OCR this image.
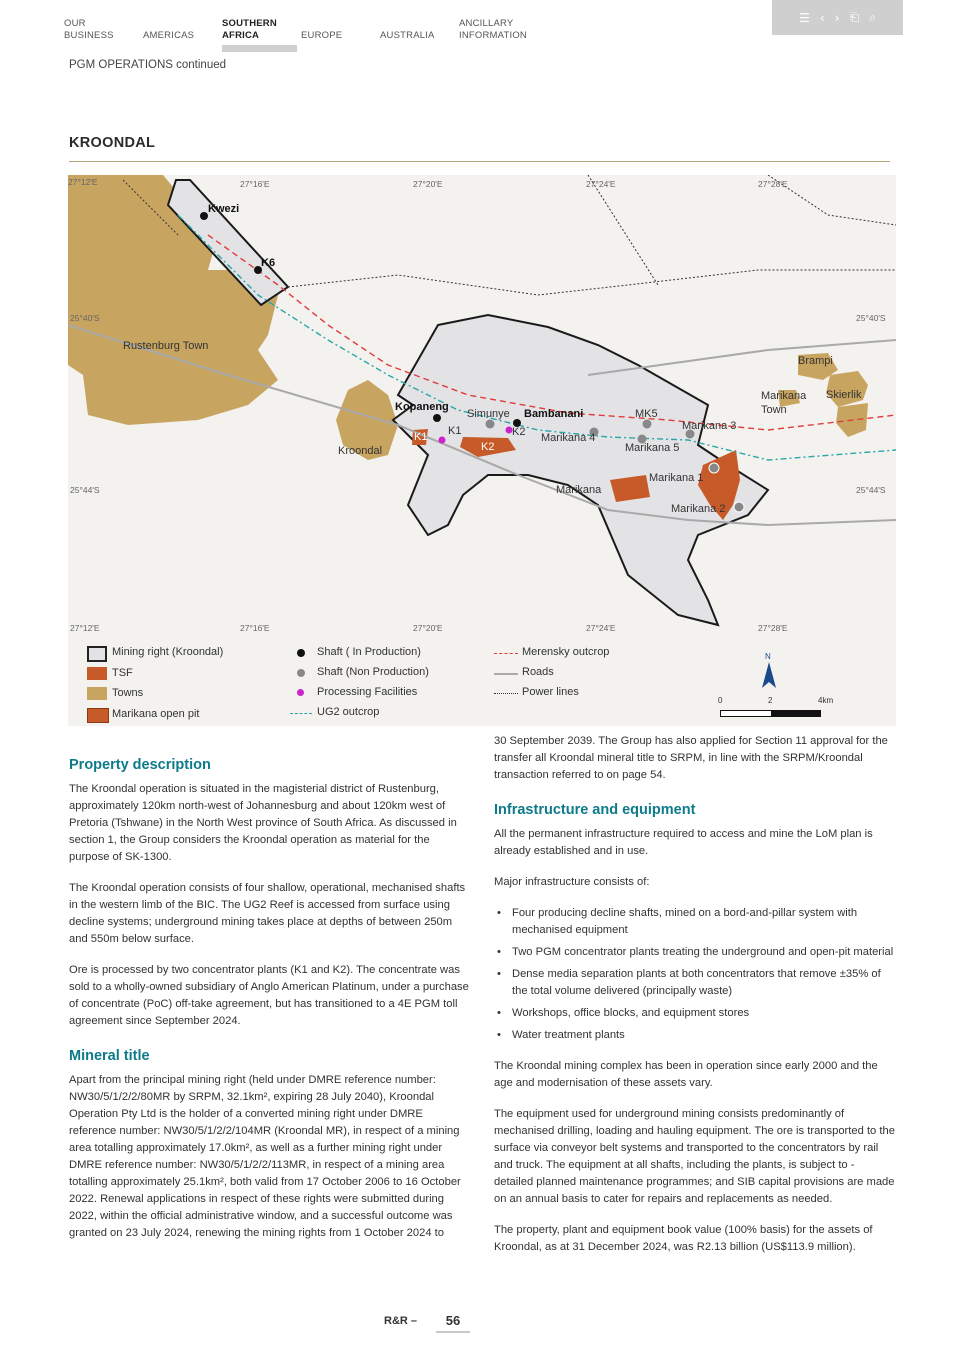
OUR
BUSINESS
	AMERICAS
SOUTHERN
AFRICA
	EUROPE
	AUSTRALIA
ANCILLARY
INFORMATION
☰ ‹ › ⎗ ⌕
PGM OPERATIONS continued
KROONDAL
27°12'E	27°16'E	27°20'E	27°24'E	27°28'E
25°40'S
25°44'S
25°40'S
25°44'S
27°12'E	27°16'E	27°20'E	27°24'E	27°28'E
Kwezi
K6
Rustenburg Town
Kopaneng
Simunye Bambanani
K1 K1	K2
K2
Kroondal
Marikana 4
MK5
Marikana 3
Marikana 5
Marikana Town
Skierlik
Brampi
Marikana 1
Marikana
Marikana 2
Mining right (Kroondal)
TSF
Towns
Marikana open pit
Shaft ( In Production)
Shaft (Non Production)
Processing Facilities
UG2 outcrop
Merensky outcrop
Roads
Power lines
N
0	2	4km
Property description

The Kroondal operation is situated in the magisterial district of Rustenburg, approximately 120km north-west of Johannesburg and about 120km west of Pretoria (Tshwane) in the North West province of South Africa. As discussed in section 1, the Group considers the Kroondal operation as material for the purpose of SK-1300.

The Kroondal operation consists of four shallow, operational, mechanised shafts in the western limb of the BIC. The UG2 Reef is accessed from surface using decline systems; underground mining takes place at depths of between 250m and 550m below surface.

Ore is processed by two concentrator plants (K1 and K2). The concentrate was sold to a wholly-owned subsidiary of Anglo American Platinum, under a purchase of concentrate (PoC) off-take agreement, but has transitioned to a 4E PGM toll agreement since September 2024.

Mineral title

Apart from the principal mining right (held under DMRE reference number: NW30/5/1/2/2/80MR by SRPM, 32.1km², expiring 28 July 2040), Kroondal Operation Pty Ltd is the holder of a converted mining right under DMRE reference number: NW30/5/1/2/2/104MR (Kroondal MR), in respect of a mining area totalling approximately 17.0km², as well as a further mining right under DMRE reference number: NW30/5/1/2/2/113MR, in respect of a mining area totalling approximately 25.1km², both valid from 17 October 2006 to 16 October 2022. Renewal applications in respect of these rights were submitted during 2022, within the official administrative window, and a successful outcome was granted on 23 July 2024, renewing the mining rights from 1 October 2024 to

30 September 2039. The Group has also applied for Section 11 approval for the transfer all Kroondal mineral title to SRPM, in line with the SRPM/Kroondal transaction referred to on page 54.

Infrastructure and equipment

All the permanent infrastructure required to access and mine the LoM plan is already established and in use.

Major infrastructure consists of:

• Four producing decline shafts, mined on a bord-and-pillar system with mechanised equipment
• Two PGM concentrator plants treating the underground and open-pit material
• Dense media separation plants at both concentrators that remove ±35% of the total volume delivered (principally waste)
• Workshops, office blocks, and equipment stores
• Water treatment plants

The Kroondal mining complex has been in operation since early 2000 and the age and modernisation of these assets vary.

The equipment used for underground mining consists predominantly of mechanised drilling, loading and hauling equipment. The ore is transported to the surface via conveyor belt systems and transported to the concentrators by rail and truck. The equipment at all shafts, including the plants, is subject to - detailed planned maintenance programmes; and SIB capital provisions are made on an annual basis to cater for repairs and replacements as needed.

The property, plant and equipment book value (100% basis) for the assets of Kroondal, as at 31 December 2024, was R2.13 billion (US$113.9 million).

R&R –	56
